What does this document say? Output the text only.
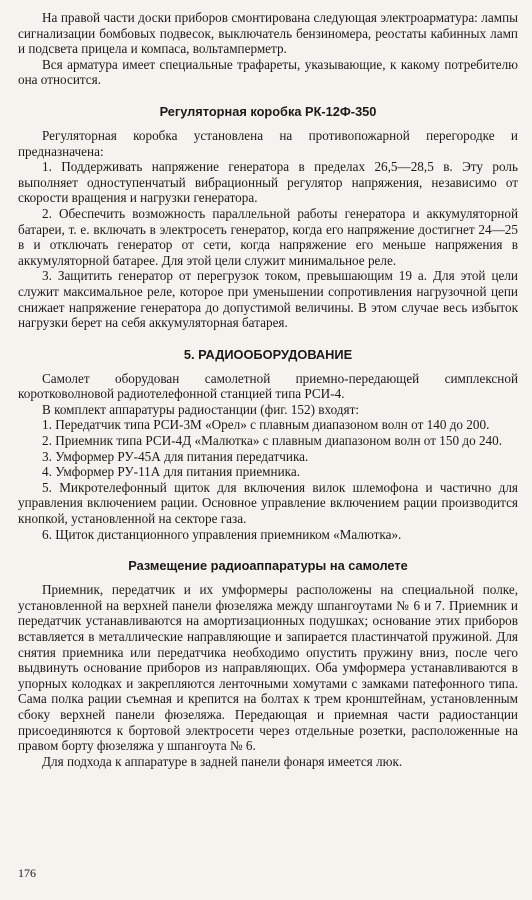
На правой части доски приборов смонтирована следующая электроарматура: лампы сигнализации бомбовых подвесок, выключатель бензиномера, реостаты кабинных ламп и подсвета прицела и компаса, вольтамперметр.

Вся арматура имеет специальные трафареты, указывающие, к какому потребителю она относится.

Регуляторная коробка РК-12Ф-350

Регуляторная коробка установлена на противопожарной перегородке и предназначена:

1. Поддерживать напряжение генератора в пределах 26,5—28,5 в. Эту роль выполняет одноступенчатый вибрационный регулятор напряжения, независимо от скорости вращения и нагрузки генератора.

2. Обеспечить возможность параллельной работы генератора и аккумуляторной батареи, т. е. включать в электросеть генератор, когда его напряжение достигнет 24—25 в и отключать генератор от сети, когда напряжение его меньше напряжения в аккумуляторной батарее. Для этой цели служит минимальное реле.

3. Защитить генератор от перегрузок током, превышающим 19 а. Для этой цели служит максимальное реле, которое при уменьшении сопротивления нагрузочной цепи снижает напряжение генератора до допустимой величины. В этом случае весь избыток нагрузки берет на себя аккумуляторная батарея.

5. РАДИООБОРУДОВАНИЕ

Самолет оборудован самолетной приемно-передающей симплексной коротковолновой радиотелефонной станцией типа РСИ-4.

В комплект аппаратуры радиостанции (фиг. 152) входят:

1. Передатчик типа РСИ-3М «Орел» с плавным диапазоном волн от 140 до 200.

2. Приемник типа РСИ-4Д «Малютка» с плавным диапазоном волн от 150 до 240.

3. Умформер РУ-45А для питания передатчика.

4. Умформер РУ-11А для питания приемника.

5. Микротелефонный щиток для включения вилок шлемофона и частично для управления включением рации. Основное управление включением рации производится кнопкой, установленной на секторе газа.

6. Щиток дистанционного управления приемником «Малютка».

Размещение радиоаппаратуры на самолете

Приемник, передатчик и их умформеры расположены на специальной полке, установленной на верхней панели фюзеляжа между шпангоутами № 6 и 7. Приемник и передатчик устанавливаются на амортизационных подушках; основание этих приборов вставляется в металлические направляющие и запирается пластинчатой пружиной. Для снятия приемника или передатчика необходимо опустить пружину вниз, после чего выдвинуть основание приборов из направляющих. Оба умформера устанавливаются в упорных колодках и закрепляются ленточными хомутами с замками патефонного типа. Сама полка рации съемная и крепится на болтах к трем кронштейнам, установленным сбоку верхней панели фюзеляжа. Передающая и приемная части радиостанции присоединяются к бортовой электросети через отдельные розетки, расположенные на правом борту фюзеляжа у шпангоута № 6.

Для подхода к аппаратуре в задней панели фонаря имеется люк.

176
